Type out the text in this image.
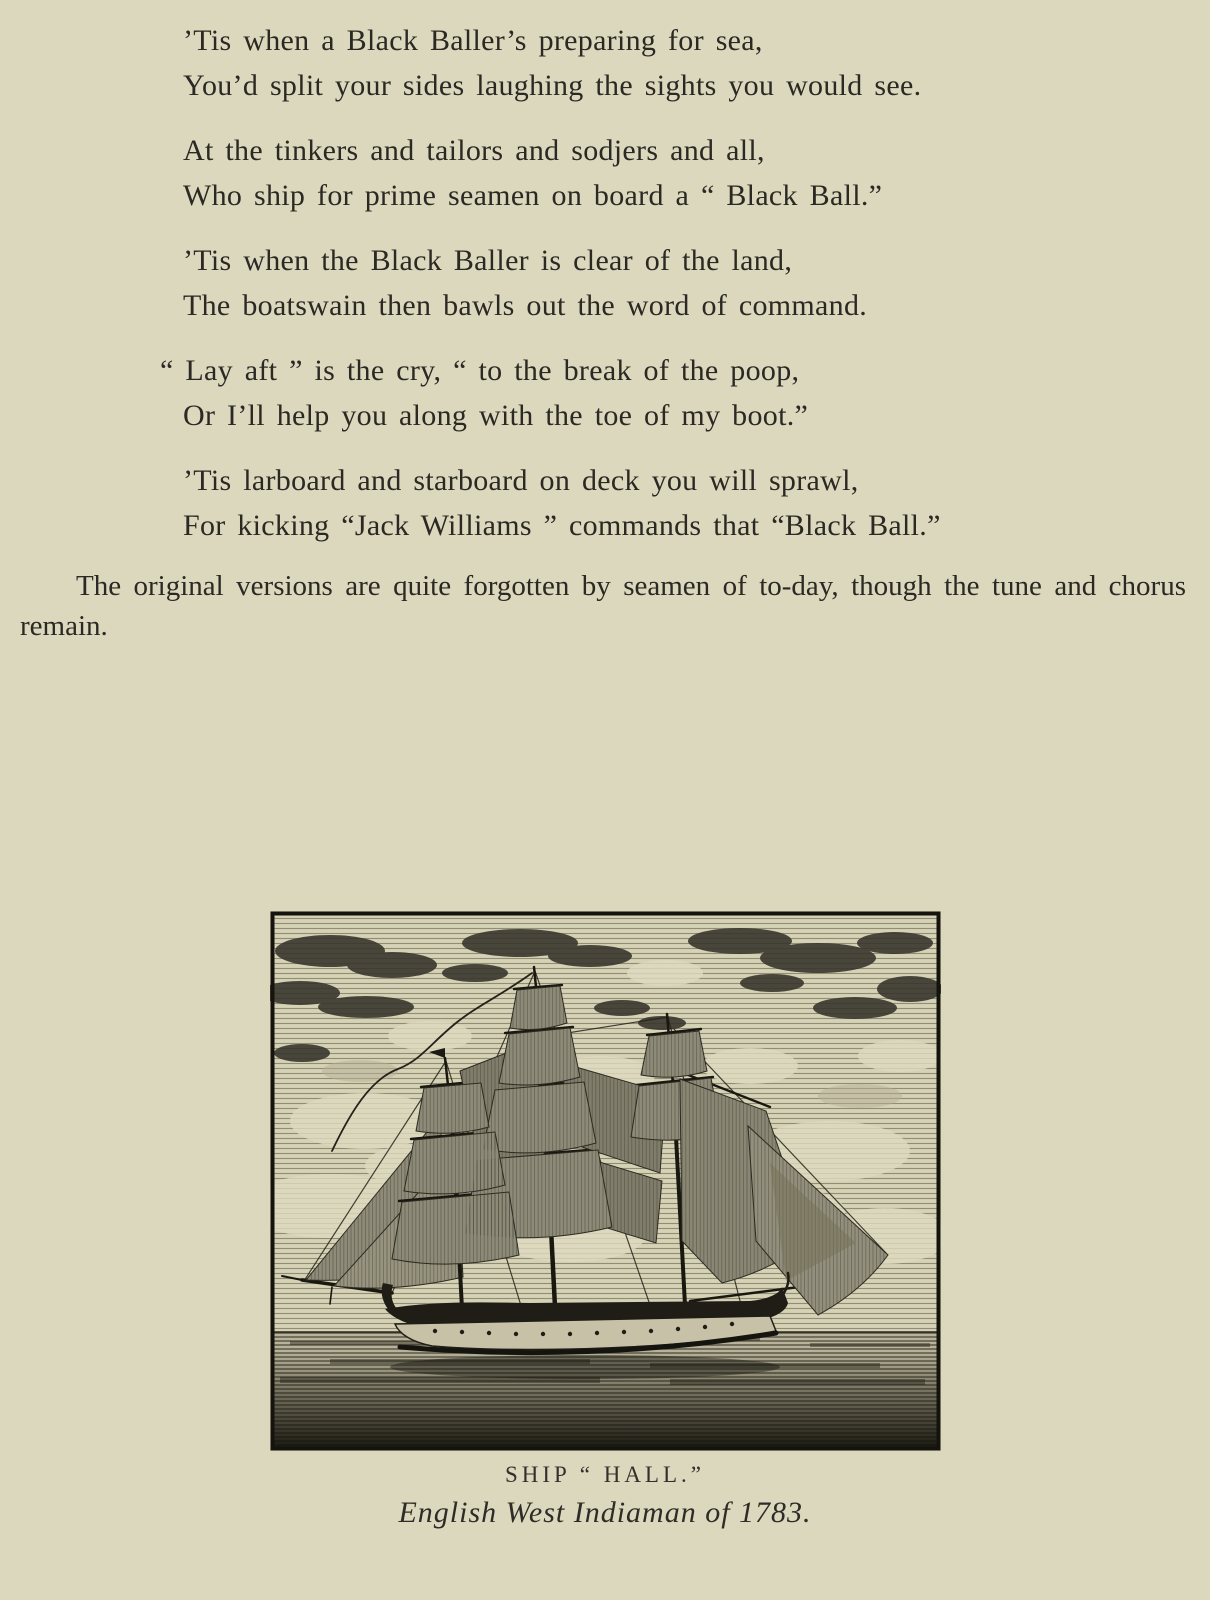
’Tis when a Black Baller’s preparing for sea,
You’d split your sides laughing the sights you would see.
At the tinkers and tailors and sodjers and all,
Who ship for prime seamen on board a “ Black Ball.”
’Tis when the Black Baller is clear of the land,
The boatswain then bawls out the word of command.
“ Lay aft ” is the cry, “ to the break of the poop,
Or I’ll help you along with the toe of my boot.”
’Tis larboard and starboard on deck you will sprawl,
For kicking “Jack Williams ” commands that “Black Ball.”

The original versions are quite forgotten by seamen of to-day, though the tune and chorus remain.

SHIP “ HALL.”
English West Indiaman of 1783.
